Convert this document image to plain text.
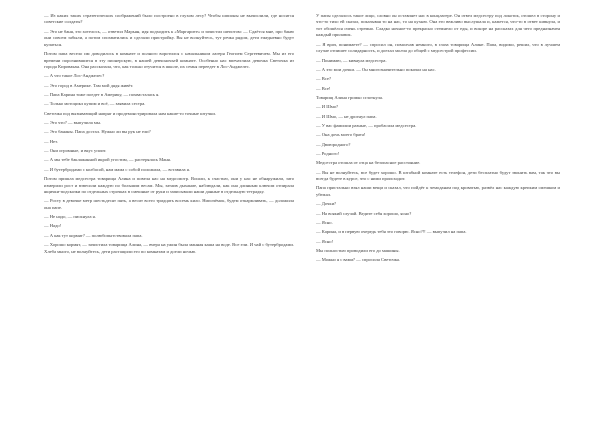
— Из каких таких стратегических соображений было построено в глухом лесу? Чтобы шпионы не вычислили, где носятся советские солдаты?

— Это не баня, это хотелось, — ответил Марьян, идя подходить к «Маргарите» и зачистил шепотом: — Сдаётся мне, про баню они совсем забыли, а потом спохватились и сделали пристройку. Вы не волнуйтесь, тут речка рядом, дети ежедневно будут купаться.

Потом папа весело им доводилось в комнате и полного воротился с начальником лагеря Геогием Сергеевичем. Мы из его времени порознившиеся в эту пионерскую, в нашей девчоночьей комнате. Особенно нас впечатлила девочка Светочка из города Кировакан. Она рассказала, что, как только отучится в школе, их семья переедет в Лос-Анджелес.

— А что такое Лос-Анджелес?

— Это город в Америке. Там мой дядя живёт.

— Папа Карина тоже поедет в Америку, — похвасталась я.

— Только мотоцикл купим и всё, — заявила сестра.

Светочка под вызывающий напряг и продемонстрировала нам какие-то точные штучки.

— Это что? — выпучила мы.

— Это бананы. Папа достал. Нужно ли вы рук не ели?

— Нет.

— Они огромные, и вкус упоит.

— А мы тебе баклажанной икрой угостим, — растерялась Маня.

— И бутербродами с колбасой, нам мама с собой положила, — вставила я.

Потом пришла медсестра товарища Алина и повела нас на медосмотр. Вошли, к счастью, они у нас не обнаружили, зато измерили рост и взвесили каждую по большим весам. Мы, затаив дыхание, наблюдали, как она длинным ключом отпирала ящички-подсказки по отдельных строчках в смешные от руки и записывали наши данные в отдельную тетрадку.

— Росту в девочке метр шестьдесят пять, а весит всего тридцать восемь кило. Нипочёмок, будем откармливать, — доложила она папе.

— Не надо, — пискнула я.

— Надо!

— А как тут кормят? — полюбопытствовала папа.

— Хорошо кормят, — зачистила товарища Алина, — вчера на ужин была манная каша на воде. Все ели. И чай с бутербродами. Хлеба много, не волнуйтесь, дети растащили его по комнатам и доели ночью.

У папы сделалось такое лицо, словно он оставляет нас в концлагере. Он отвел медсестру под локоток, отошел в сторону и что-то тихо ей сказал, показывая то на нас, то на кухню. Она его вежливо выслушала и, кажется, что-то в ответ кивнула, и тот обошёлся очень стремно. Сладко ночное-то прекрасно стемнело от еды, и вскоре на рассказах для чего предназначен каждый прилавок.

— Я врач, понимаете? — спросил он, помолчав немного, в глаза товарища Алине. Папа, видимо, решил, что в лучшем случае отпишет солидарность, и доехал молча до общей с медсестрой профессии.

— Понимаю, — кивнула медсестра.

— А это мои дочки. — Он многозначительно покачал на нас.

— Все?

— Все!

Товарищ Алина громко сглотнула.

— И Шмо?

— И Шмо, — не дрогнул папа.

— У вас фамилии разные, — пробасила медсестра.

— Она дочь моего брата!

— Двоюродного?

— Родного!

Медсестра отошла от отца на безопасное расстояние.

— Вы не волнуйтесь, все будет хорошо. В штабной комнате есть телефон, дети бесплатно будут звонить вам, так что вы всегда будете в курсе, что с ними происходит.

Папа пристально взял наши вещи и сказал, что пойдёт к чемоданам под кроватью, развёл нас каждую крепким смешком и убежал.

— Дочки?

— На всякий случай. Ведите себя хорошо, ясно?

— Ясно.

— Карина, и в первую очередь тебя это говорю. Ясно?!! — выпучил на папа.

— Ясно!

Мы полностью проводили его до машины.

— Можно я с вами? — спросила Светочка.
